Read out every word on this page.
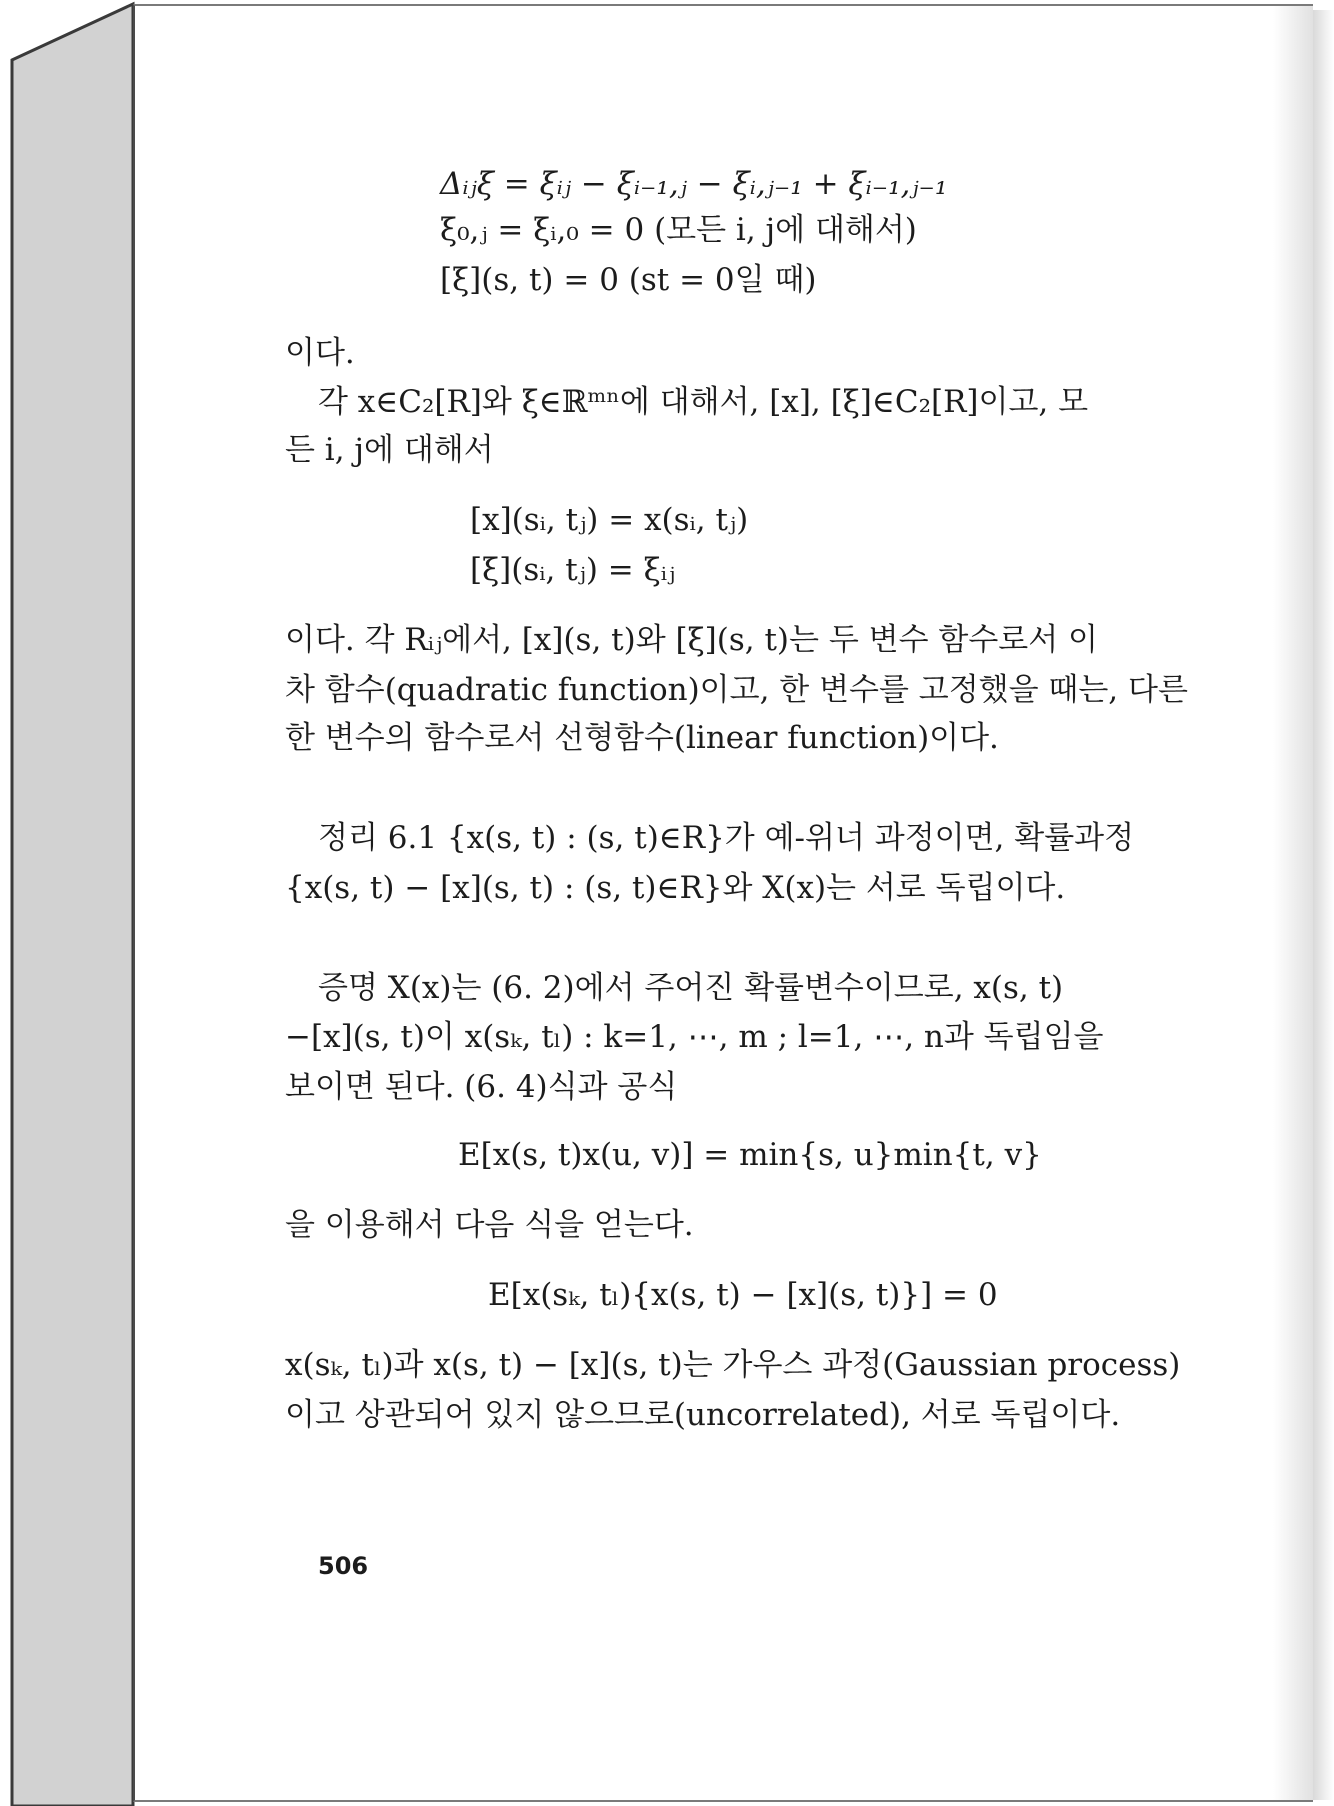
Δᵢⱼξ = ξᵢⱼ − ξᵢ₋₁,ⱼ − ξᵢ,ⱼ₋₁ + ξᵢ₋₁,ⱼ₋₁
ξ₀,ⱼ = ξᵢ,₀ = 0 (모든 i, j에 대해서)
[ξ](s, t) = 0 (st = 0일 때)
이다.
각 x∈C₂[R]와 ξ∈ℝᵐⁿ에 대해서, [x], [ξ]∈C₂[R]이고, 모
든 i, j에 대해서
[x](sᵢ, tⱼ) = x(sᵢ, tⱼ)
[ξ](sᵢ, tⱼ) = ξᵢⱼ
이다. 각 Rᵢⱼ에서, [x](s, t)와 [ξ](s, t)는 두 변수 함수로서 이
차 함수(quadratic function)이고, 한 변수를 고정했을 때는, 다른
한 변수의 함수로서 선형함수(linear function)이다.
정리 6.1 {x(s, t) : (s, t)∈R}가 예-위너 과정이면, 확률과정
{x(s, t) − [x](s, t) : (s, t)∈R}와 X(x)는 서로 독립이다.
증명 X(x)는 (6. 2)에서 주어진 확률변수이므로, x(s, t)
−[x](s, t)이 x(sₖ, tₗ) : k=1, ⋯, m ; l=1, ⋯, n과 독립임을
보이면 된다. (6. 4)식과 공식
E[x(s, t)x(u, v)] = min{s, u}min{t, v}
을 이용해서 다음 식을 얻는다.
E[x(sₖ, tₗ){x(s, t) − [x](s, t)}] = 0
x(sₖ, tₗ)과 x(s, t) − [x](s, t)는 가우스 과정(Gaussian process)
이고 상관되어 있지 않으므로(uncorrelated), 서로 독립이다.
506
